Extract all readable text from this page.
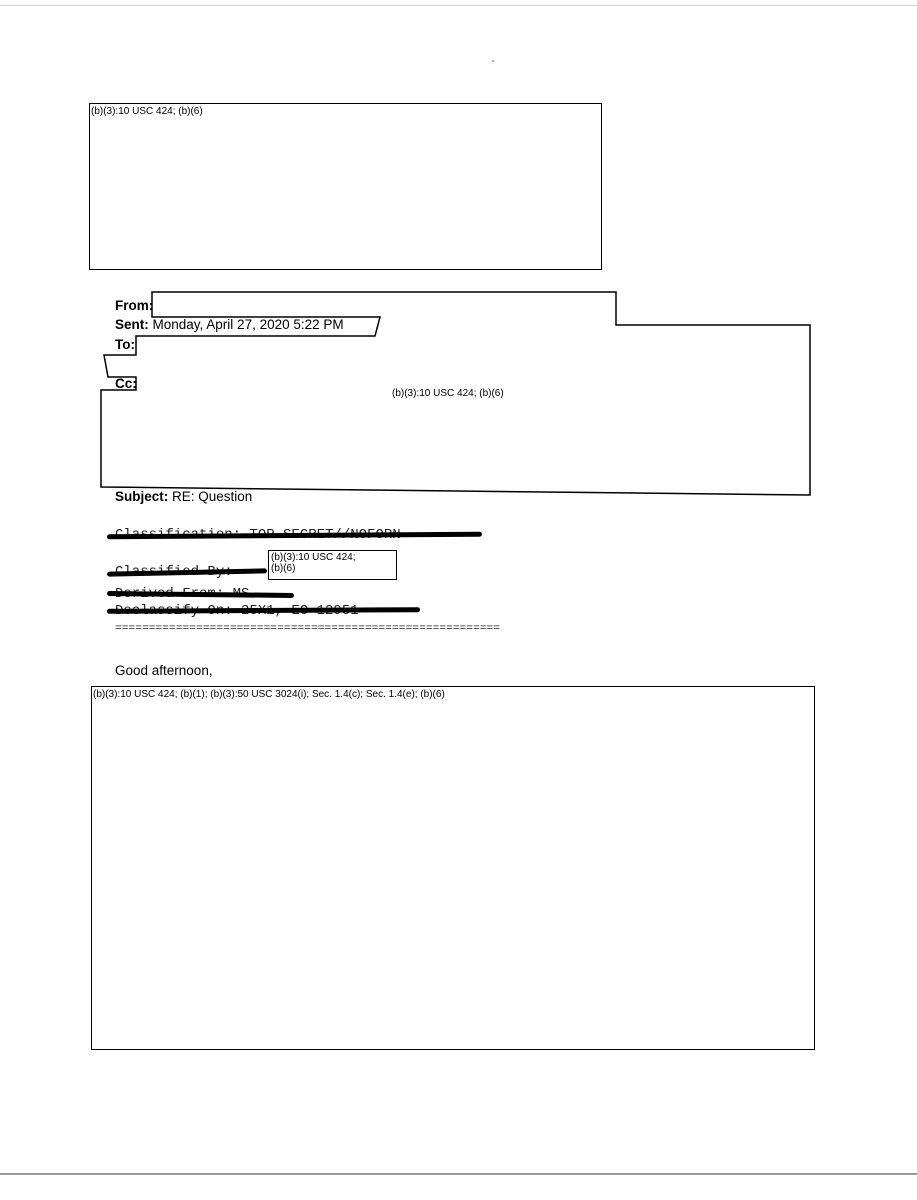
(b)(3):10 USC 424; (b)(6)
From:
Sent: Monday, April 27, 2020 5:22 PM
To:
Cc:
(b)(3):10 USC 424; (b)(6)
Subject: RE: Question
(b)(3):10 USC 424;
(b)(6)
=========================================================
Good afternoon,
(b)(3):10 USC 424; (b)(1); (b)(3):50 USC 3024(i); Sec. 1.4(c); Sec. 1.4(e); (b)(6)
